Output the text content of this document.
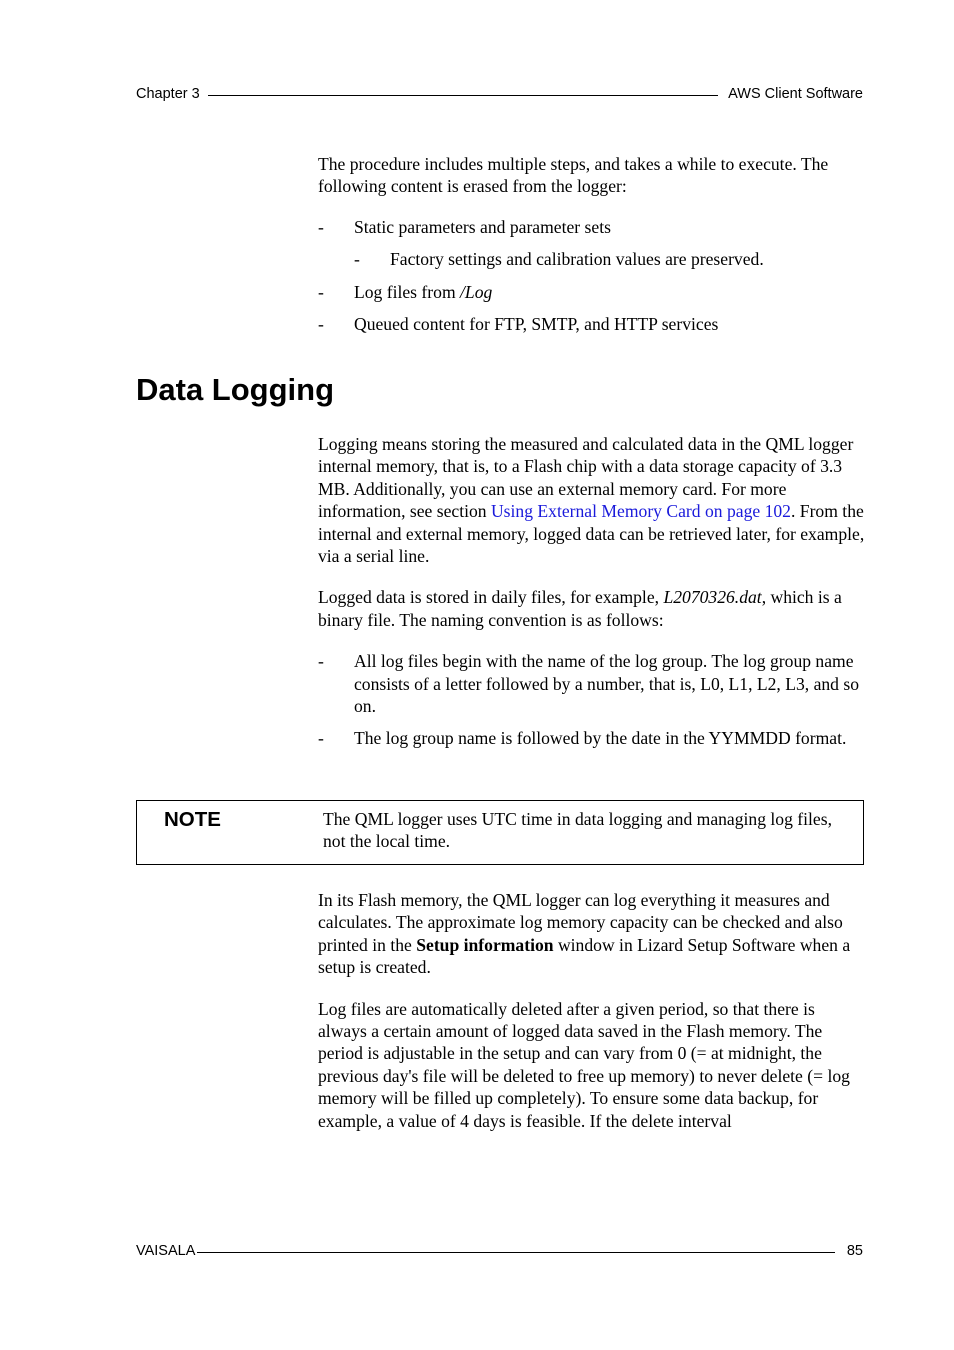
Chapter 3	AWS Client Software

The procedure includes multiple steps, and takes a while to execute. The following content is erased from the logger:

- Static parameters and parameter sets
- Factory settings and calibration values are preserved.
- Log files from /Log
- Queued content for FTP, SMTP, and HTTP services
Data Logging

Logging means storing the measured and calculated data in the QML logger internal memory, that is, to a Flash chip with a data storage capacity of 3.3 MB. Additionally, you can use an external memory card. For more information, see section Using External Memory Card on page 102. From the internal and external memory, logged data can be retrieved later, for example, via a serial line.

Logged data is stored in daily files, for example, L2070326.dat, which is a binary file. The naming convention is as follows:

- All log files begin with the name of the log group. The log group name consists of a letter followed by a number, that is, L0, L1, L2, L3, and so on.
- The log group name is followed by the date in the YYMMDD format.
NOTE	The QML logger uses UTC time in data logging and managing log files, not the local time.

In its Flash memory, the QML logger can log everything it measures and calculates. The approximate log memory capacity can be checked and also printed in the Setup information window in Lizard Setup Software when a setup is created.

Log files are automatically deleted after a given period, so that there is always a certain amount of logged data saved in the Flash memory. The period is adjustable in the setup and can vary from 0 (= at midnight, the previous day's file will be deleted to free up memory) to never delete (= log memory will be filled up completely). To ensure some data backup, for example, a value of 4 days is feasible. If the delete interval

VAISALA	85
